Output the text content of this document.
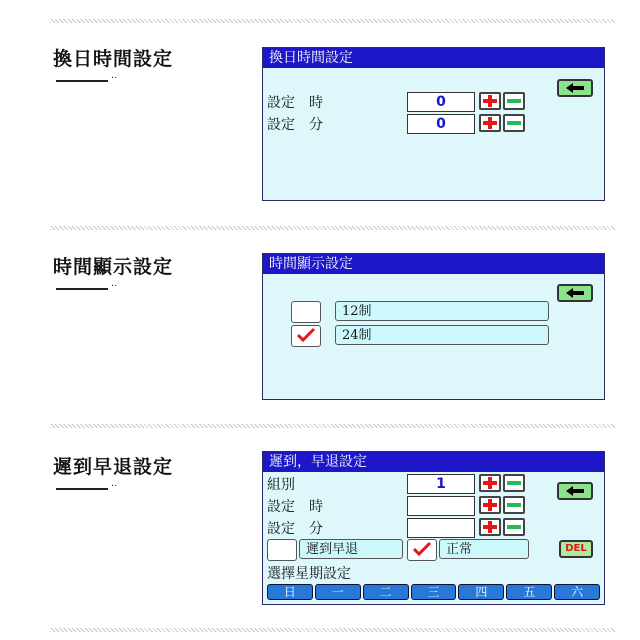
換日時間設定
··
換日時間設定
設定　時	0
設定　分	0
時間顯示設定
··
時間顯示設定
12制
24制
遲到早退設定
··
遲到，早退設定
組別	1
設定　時
設定　分
遲到早退	正常	DEL
選擇星期設定
日	一	二	三	四	五	六
